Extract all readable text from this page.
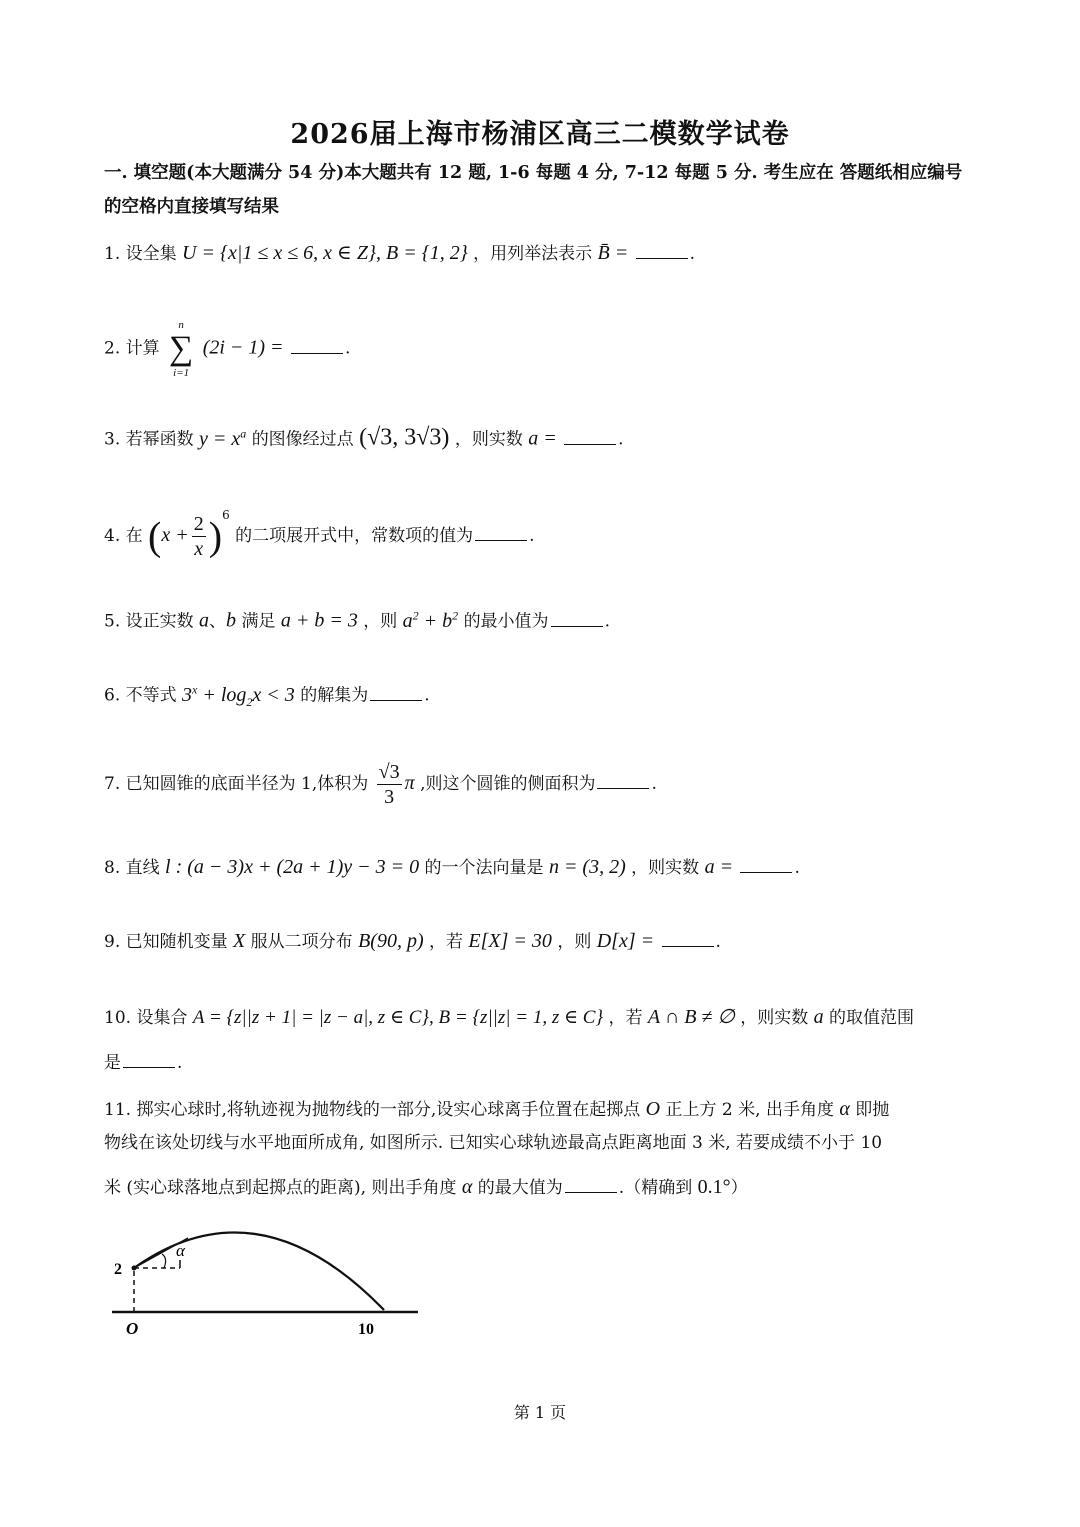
2026届上海市杨浦区高三二模数学试卷
一. 填空题(本大题满分 54 分)本大题共有 12 题, 1-6 每题 4 分, 7-12 每题 5 分. 考生应在 答题纸相应编号
的空格内直接填写结果
1. 设全集 U = {x|1 ≤ x ≤ 6, x ∈ Z}, B = {1, 2} ，用列举法表示 B̄ =	.
2. 计算
n
∑
i=1
(2i − 1) =	.
3. 若幂函数 $y = x^a$ 的图像经过点 (√3, 3√3) ，则实数 a =	.
4. 在 $(x + \frac{2}{x} )^6$ 的二项展开式中，常数项的值为	.
5. 设正实数 a、b 满足 a + b = 3 ，则 $a^2 + b^2$ 的最小值为	.
6. 不等式 $3^x + \log_2x < 3$ 的解集为	.
7. 已知圆锥的底面半径为 1,体积为 $\frac{√3}{3}$ π ,则这个圆锥的侧面积为	.
8. 直线 l : (a − 3)x + (2a + 1)y − 3 = 0 的一个法向量是 n = (3, 2) ，则实数 a =	.
9. 已知随机变量 X 服从二项分布 B(90, p) ，若 E[X] = 30 ，则 D[x] =	.
10. 设集合 A = {z||z + 1| = |z − a|, z ∈ C}, B = {z||z| = 1, z ∈ C} ，若 A ∩ B ≠ ∅ ，则实数 a 的取值范围
是	.
11. 掷实心球时,将轨迹视为抛物线的一部分,设实心球离手位置在起掷点 O 正上方 2 米, 出手角度 α 即抛
物线在该处切线与水平地面所成角, 如图所示. 已知实心球轨迹最高点距离地面 3 米, 若要成绩不小于 10
米 (实心球落地点到起掷点的距离), 则出手角度 α 的最大值为	.（精确到 0.1°）
2
O	10
α
第 1 页
